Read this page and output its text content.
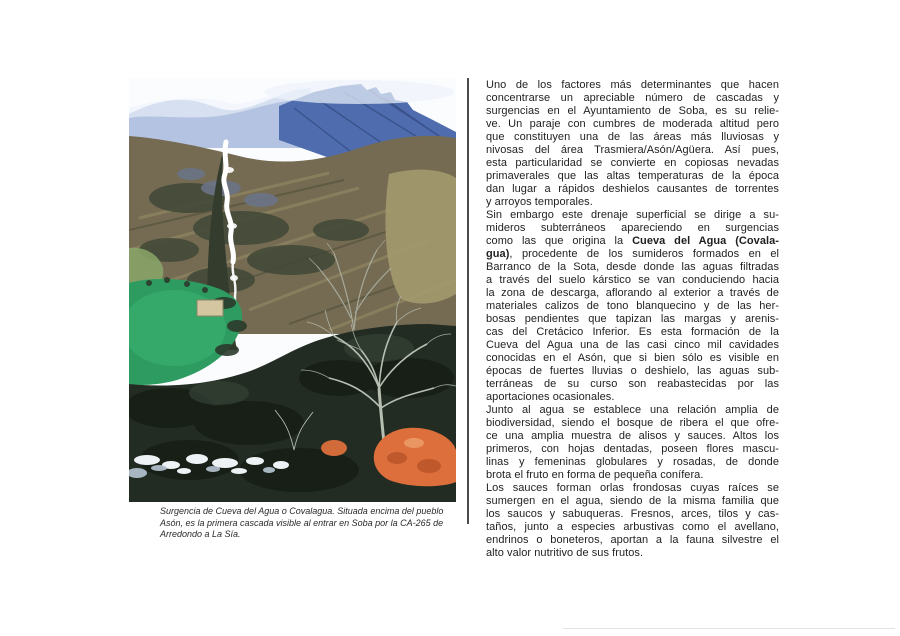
Surgencia de Cueva del Agua o Covalagua. Situada encima del pueblo
Asón, es la primera cascada visible al entrar en Soba por la CA-265 de
Arredondo a La Sía.
Uno de los factores más determinantes que hacen
concentrarse un apreciable número de cascadas y
surgencias en el Ayuntamiento de Soba, es su relie-
ve. Un paraje con cumbres de moderada altitud pero
que constituyen una de las áreas más lluviosas y
nivosas del área Trasmiera/Asón/Agüera. Así pues,
esta particularidad se convierte en copiosas nevadas
primaverales que las altas temperaturas de la época
dan lugar a rápidos deshielos causantes de torrentes
y arroyos temporales.
Sin embargo este drenaje superficial se dirige a su-
mideros subterráneos apareciendo en surgencias
como las que origina la Cueva del Agua (Covala-
gua), procedente de los sumideros formados en el
Barranco de la Sota, desde donde las aguas filtradas
a través del suelo kárstico se van conduciendo hacia
la zona de descarga, aflorando al exterior a través de
materiales calizos de tono blanquecino y de las her-
bosas pendientes que tapizan las margas y arenis-
cas del Cretácico Inferior. Es esta formación de la
Cueva del Agua una de las casi cinco mil cavidades
conocidas en el Asón, que si bien sólo es visible en
épocas de fuertes lluvias o deshielo, las aguas sub-
terráneas de su curso son reabastecidas por las
aportaciones ocasionales.
Junto al agua se establece una relación amplia de
biodiversidad, siendo el bosque de ribera el que ofre-
ce una amplia muestra de alisos y sauces. Altos los
primeros, con hojas dentadas, poseen flores mascu-
linas y femeninas globulares y rosadas, de donde
brota el fruto en forma de pequeña conífera.
Los sauces forman orlas frondosas cuyas raíces se
sumergen en el agua, siendo de la misma familia que
los saucos y sabuqueras. Fresnos, arces, tilos y cas-
taños, junto a especies arbustivas como el avellano,
endrinos o boneteros, aportan a la fauna silvestre el
alto valor nutritivo de sus frutos.
